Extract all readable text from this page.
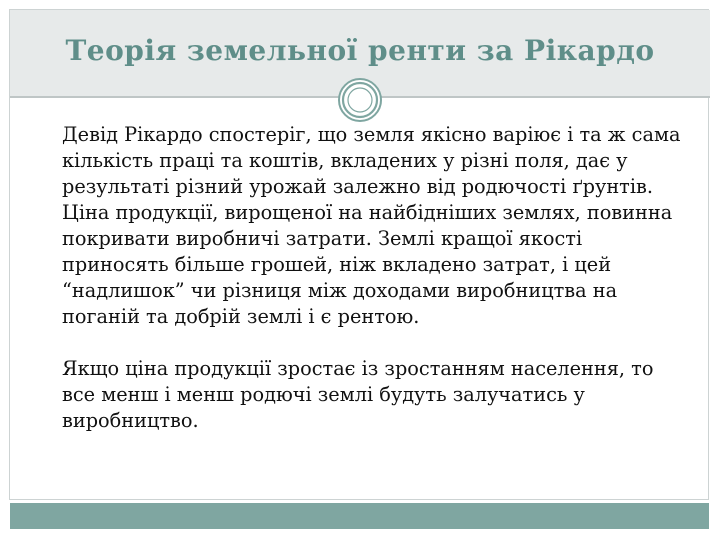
Теорія земельної ренти за Рікардо

Девід Рікардо спостеріг, що земля якісно варіює і та ж сама кількість праці та коштів, вкладених у різні поля, дає у результаті різний урожай залежно від родючості ґрунтів.

Ціна продукції, вирощеної на найбідніших землях, повинна покривати виробничі затрати. Землі кращої якості приносять більше грошей, ніж вкладено затрат, і цей “надлишок” чи різниця між доходами виробництва на поганій та добрій землі і є рентою.

Якщо ціна продукції зростає із зростанням населення, то все менш і менш родючі землі будуть залучатись у виробництво.
